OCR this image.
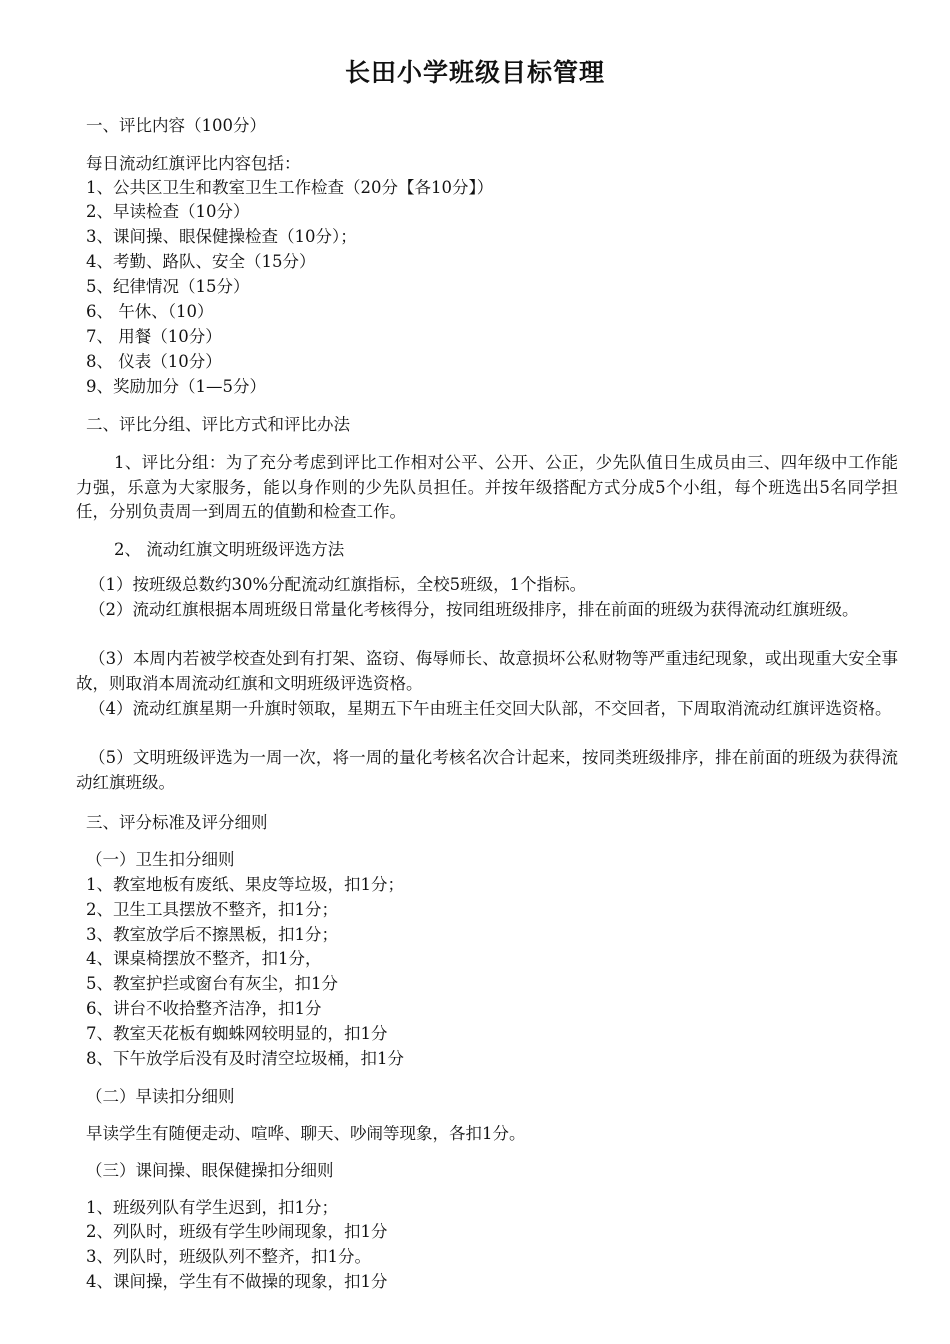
长田小学班级目标管理
一、评比内容（100分）
每日流动红旗评比内容包括：
1、公共区卫生和教室卫生工作检查（20分【各10分】）
2、早读检查（10分）
3、课间操、眼保健操检查（10分）；
4、考勤、路队、安全（15分）
5、纪律情况（15分）
6、 午休、（10）
7、 用餐（10分）
8、 仪表（10分）
9、奖励加分（1—5分）
二、评比分组、评比方式和评比办法
1、评比分组：为了充分考虑到评比工作相对公平、公开、公正，少先队值日生成员由三、四年级中工作能力强，乐意为大家服务，能以身作则的少先队员担任。并按年级搭配方式分成5个小组，每个班选出5名同学担任，分别负责周一到周五的值勤和检查工作。
2、 流动红旗文明班级评选方法
（1）按班级总数约30%分配流动红旗指标，全校5班级，1个指标。
（2）流动红旗根据本周班级日常量化考核得分，按同组班级排序，排在前面的班级为获得流动红旗班级。
（3）本周内若被学校查处到有打架、盗窃、侮辱师长、故意损坏公私财物等严重违纪现象，或出现重大安全事故，则取消本周流动红旗和文明班级评选资格。
（4）流动红旗星期一升旗时领取，星期五下午由班主任交回大队部，不交回者，下周取消流动红旗评选资格。
（5）文明班级评选为一周一次，将一周的量化考核名次合计起来，按同类班级排序，排在前面的班级为获得流动红旗班级。
三、评分标准及评分细则
（一）卫生扣分细则
1、教室地板有废纸、果皮等垃圾，扣1分；
2、卫生工具摆放不整齐，扣1分；
3、教室放学后不擦黑板，扣1分；
4、课桌椅摆放不整齐，扣1分，
5、教室护拦或窗台有灰尘，扣1分
6、讲台不收拾整齐洁净，扣1分
7、教室天花板有蜘蛛网较明显的，扣1分
8、下午放学后没有及时清空垃圾桶，扣1分
（二）早读扣分细则
早读学生有随便走动、喧哗、聊天、吵闹等现象，各扣1分。
（三）课间操、眼保健操扣分细则
1、班级列队有学生迟到，扣1分；
2、列队时，班级有学生吵闹现象，扣1分
3、列队时，班级队列不整齐，扣1分。
4、课间操，学生有不做操的现象，扣1分
